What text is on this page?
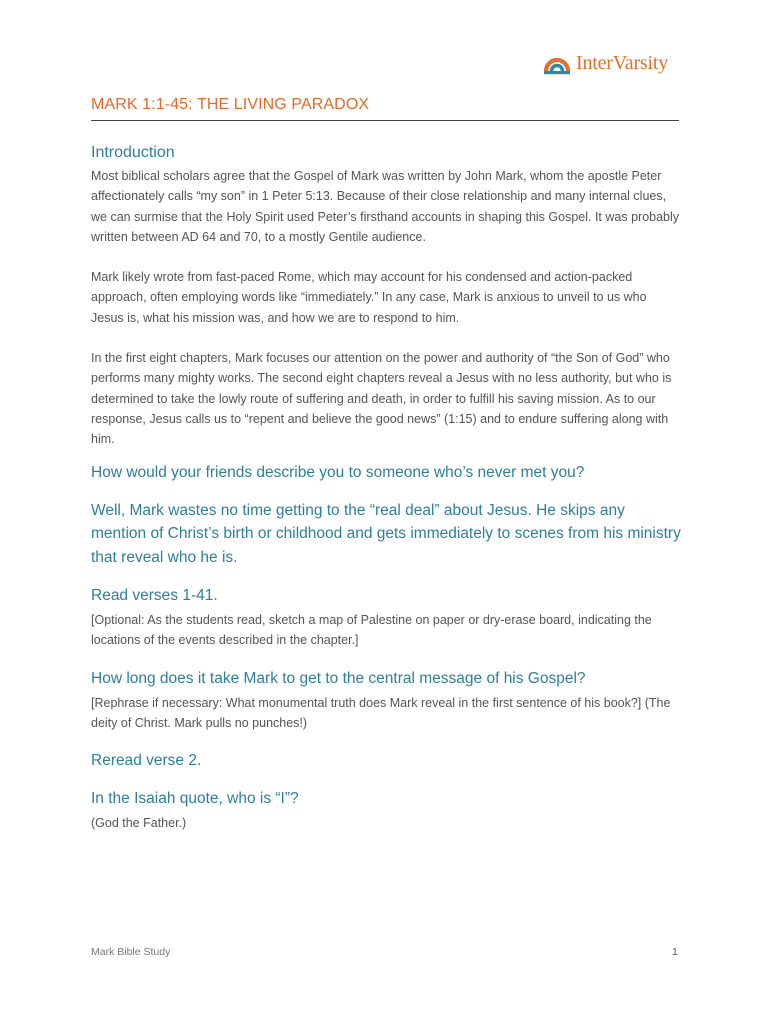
InterVarsity
MARK 1:1-45: THE LIVING PARADOX
Introduction

Most biblical scholars agree that the Gospel of Mark was written by John Mark, whom the apostle Peter affectionately calls “my son” in 1 Peter 5:13. Because of their close relationship and many internal clues, we can surmise that the Holy Spirit used Peter’s firsthand accounts in shaping this Gospel. It was probably written between AD 64 and 70, to a mostly Gentile audience.

Mark likely wrote from fast-paced Rome, which may account for his condensed and action-packed approach, often employing words like “immediately.” In any case, Mark is anxious to unveil to us who Jesus is, what his mission was, and how we are to respond to him.

In the first eight chapters, Mark focuses our attention on the power and authority of “the Son of God” who performs many mighty works. The second eight chapters reveal a Jesus with no less authority, but who is determined to take the lowly route of suffering and death, in order to fulfill his saving mission. As to our response, Jesus calls us to “repent and believe the good news” (1:15) and to endure suffering along with him.

How would your friends describe you to someone who’s never met you?
Well, Mark wastes no time getting to the “real deal” about Jesus. He skips any mention of Christ’s birth or childhood and gets immediately to scenes from his ministry that reveal who he is.
Read verses 1-41.
[Optional: As the students read, sketch a map of Palestine on paper or dry-erase board, indicating the locations of the events described in the chapter.]
How long does it take Mark to get to the central message of his Gospel?
[Rephrase if necessary: What monumental truth does Mark reveal in the first sentence of his book?] (The deity of Christ. Mark pulls no punches!)
Reread verse 2.
In the Isaiah quote, who is “I”?
(God the Father.)
Mark Bible Study	1
